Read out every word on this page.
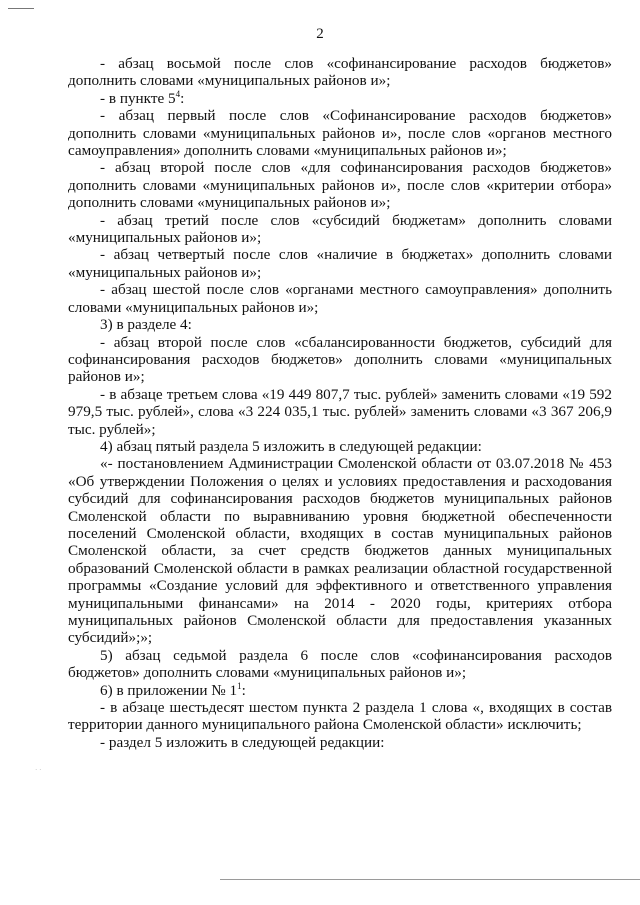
2

- абзац восьмой после слов «софинансирование расходов бюджетов» дополнить словами «муниципальных районов и»;

- в пункте $5^4$:

- абзац первый после слов «Софинансирование расходов бюджетов» дополнить словами «муниципальных районов и», после слов «органов местного самоуправления» дополнить словами «муниципальных районов и»;

- абзац второй после слов «для софинансирования расходов бюджетов» дополнить словами «муниципальных районов и», после слов «критерии отбора» дополнить словами «муниципальных районов и»;

- абзац третий после слов «субсидий бюджетам» дополнить словами «муниципальных районов и»;

- абзац четвертый после слов «наличие в бюджетах» дополнить словами «муниципальных районов и»;

- абзац шестой после слов «органами местного самоуправления» дополнить словами «муниципальных районов и»;

3) в разделе 4:

- абзац второй после слов «сбалансированности бюджетов, субсидий для софинансирования расходов бюджетов» дополнить словами «муниципальных районов и»;

- в абзаце третьем слова «19 449 807,7 тыс. рублей» заменить словами «19 592 979,5 тыс. рублей», слова «3 224 035,1 тыс. рублей» заменить словами «3 367 206,9 тыс. рублей»;

4) абзац пятый раздела 5 изложить в следующей редакции:

«- постановлением Администрации Смоленской области от 03.07.2018 № 453 «Об утверждении Положения о целях и условиях предоставления и расходования субсидий для софинансирования расходов бюджетов муниципальных районов Смоленской области по выравниванию уровня бюджетной обеспеченности поселений Смоленской области, входящих в состав муниципальных районов Смоленской области, за счет средств бюджетов данных муниципальных образований Смоленской области в рамках реализации областной государственной программы «Создание условий для эффективного и ответственного управления муниципальными финансами» на 2014 - 2020 годы, критериях отбора муниципальных районов Смоленской области для предоставления указанных субсидий»;»;

5) абзац седьмой раздела 6 после слов «софинансирования расходов бюджетов» дополнить словами «муниципальных районов и»;

6) в приложении № $1^1$:

- в абзаце шестьдесят шестом пункта 2 раздела 1 слова «, входящих в состав территории данного муниципального района Смоленской области» исключить;

- раздел 5 изложить в следующей редакции:

· ·
